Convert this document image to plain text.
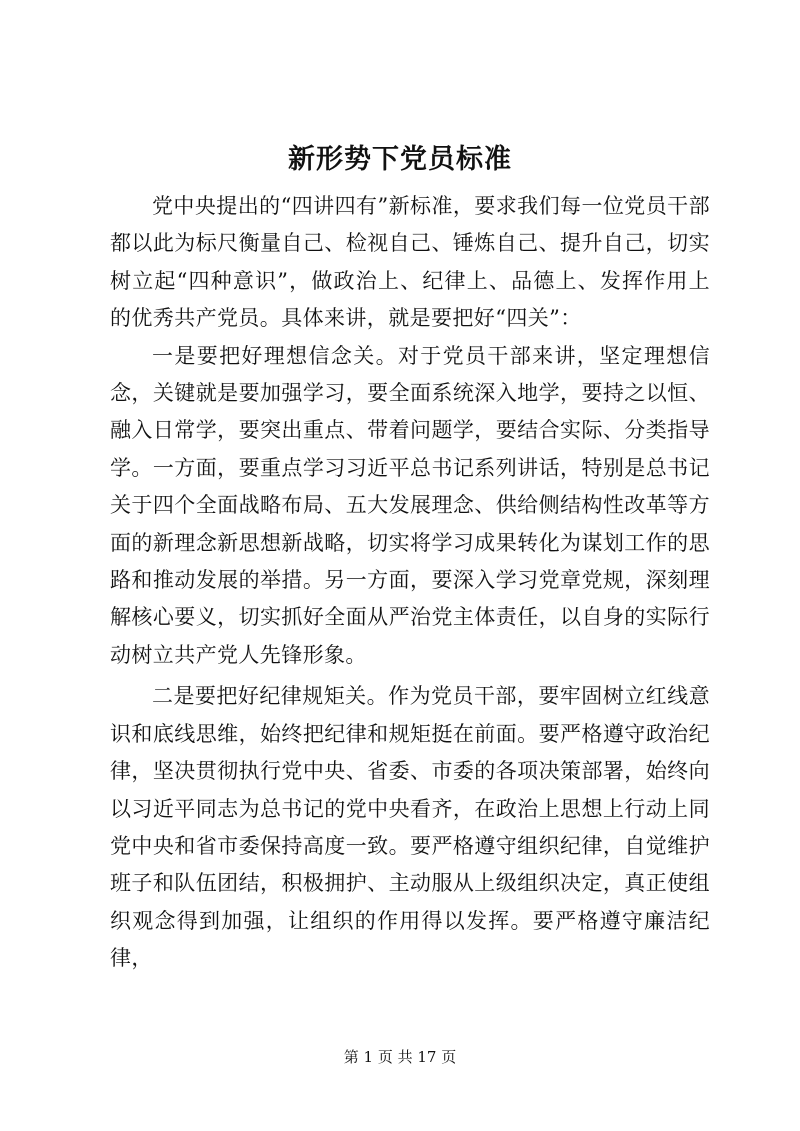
新形势下党员标准

党中央提出的“四讲四有”新标准，要求我们每一位党员干部都以此为标尺衡量自己、检视自己、锤炼自己、提升自己，切实树立起“四种意识”，做政治上、纪律上、品德上、发挥作用上的优秀共产党员。具体来讲，就是要把好“四关”：

一是要把好理想信念关。对于党员干部来讲，坚定理想信念，关键就是要加强学习，要全面系统深入地学，要持之以恒、融入日常学，要突出重点、带着问题学，要结合实际、分类指导学。一方面，要重点学习习近平总书记系列讲话，特别是总书记关于四个全面战略布局、五大发展理念、供给侧结构性改革等方面的新理念新思想新战略，切实将学习成果转化为谋划工作的思路和推动发展的举措。另一方面，要深入学习党章党规，深刻理解核心要义，切实抓好全面从严治党主体责任，以自身的实际行动树立共产党人先锋形象。

二是要把好纪律规矩关。作为党员干部，要牢固树立红线意识和底线思维，始终把纪律和规矩挺在前面。要严格遵守政治纪律，坚决贯彻执行党中央、省委、市委的各项决策部署，始终向以习近平同志为总书记的党中央看齐，在政治上思想上行动上同党中央和省市委保持高度一致。要严格遵守组织纪律，自觉维护班子和队伍团结，积极拥护、主动服从上级组织决定，真正使组织观念得到加强，让组织的作用得以发挥。要严格遵守廉洁纪律，

第 1 页 共 17 页
